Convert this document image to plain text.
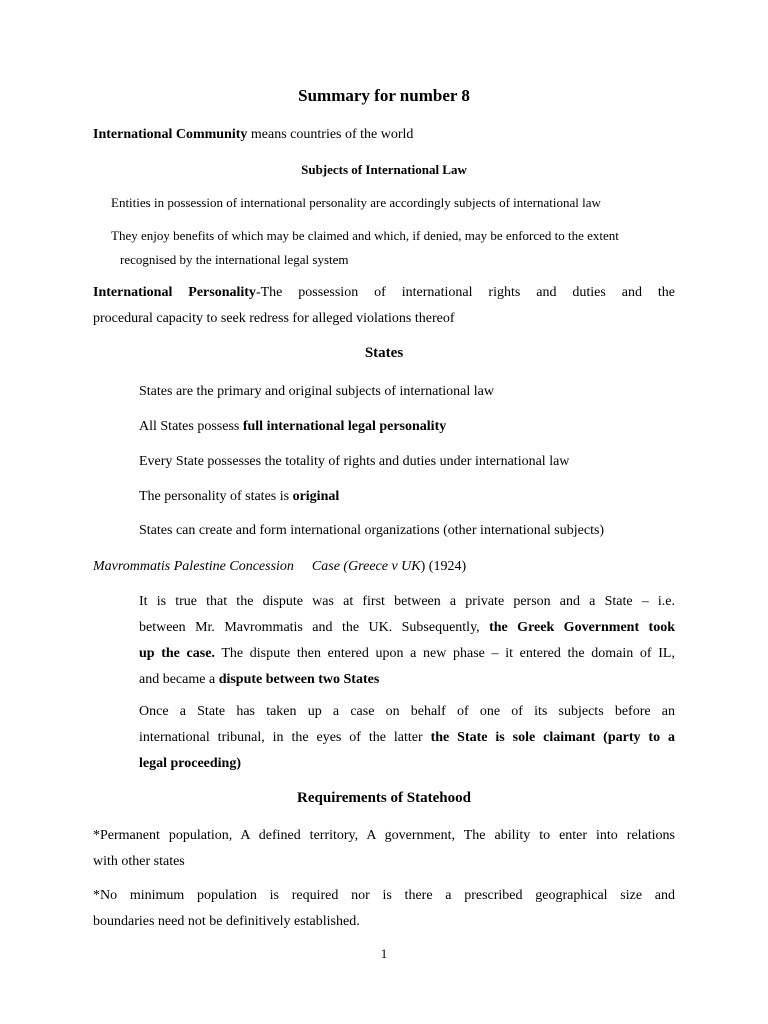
Summary for number 8
International Community means countries of the world
Subjects of International Law
Entities in possession of international personality are accordingly subjects of international law
They enjoy benefits of which may be claimed and which, if denied, may be enforced to the extent
recognised by the international legal system
International Personality-The possession of international rights and duties and the
procedural capacity to seek redress for alleged violations thereof
States
States are the primary and original subjects of international law
All States possess full international legal personality
Every State possesses the totality of rights and duties under international law
The personality of states is original
States can create and form international organizations (other international subjects)
Mavrommatis Palestine Concession Case (Greece v UK) (1924)
It is true that the dispute was at first between a private person and a State – i.e.
between Mr. Mavrommatis and the UK. Subsequently, the Greek Government took
up the case. The dispute then entered upon a new phase – it entered the domain of IL,
and became a dispute between two States
Once a State has taken up a case on behalf of one of its subjects before an
international tribunal, in the eyes of the latter the State is sole claimant (party to a
legal proceeding)
Requirements of Statehood
*Permanent population, A defined territory, A government, The ability to enter into relations
with other states
*No minimum population is required nor is there a prescribed geographical size and
boundaries need not be definitively established.
1
